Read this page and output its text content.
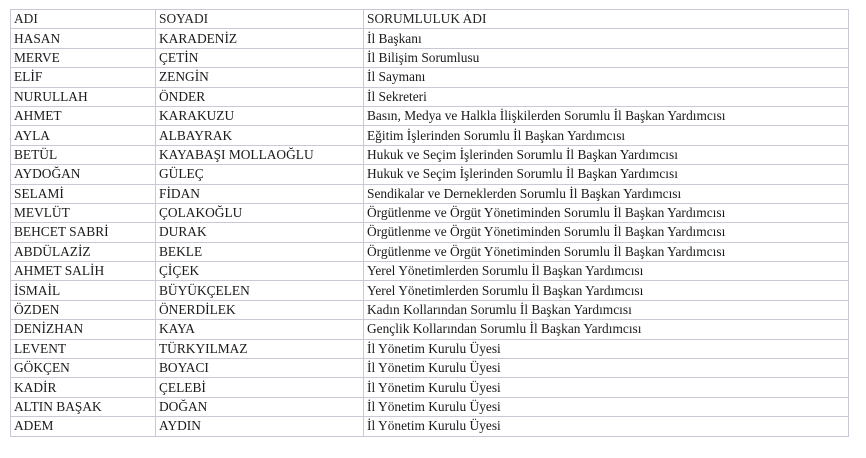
ADI	SOYADI	SORUMLULUK ADI
HASAN	KARADENİZ	İl Başkanı
MERVE	ÇETİN	İl Bilişim Sorumlusu
ELİF	ZENGİN	İl Saymanı
NURULLAH	ÖNDER	İl Sekreteri
AHMET	KARAKUZU	Basın, Medya ve Halkla İlişkilerden Sorumlu İl Başkan Yardımcısı
AYLA	ALBAYRAK	Eğitim İşlerinden Sorumlu İl Başkan Yardımcısı
BETÜL	KAYABAŞI MOLLAOĞLU	Hukuk ve Seçim İşlerinden Sorumlu İl Başkan Yardımcısı
AYDOĞAN	GÜLEÇ	Hukuk ve Seçim İşlerinden Sorumlu İl Başkan Yardımcısı
SELAMİ	FİDAN	Sendikalar ve Derneklerden Sorumlu İl Başkan Yardımcısı
MEVLÜT	ÇOLAKOĞLU	Örgütlenme ve Örgüt Yönetiminden Sorumlu İl Başkan Yardımcısı
BEHCET SABRİ	DURAK	Örgütlenme ve Örgüt Yönetiminden Sorumlu İl Başkan Yardımcısı
ABDÜLAZİZ	BEKLE	Örgütlenme ve Örgüt Yönetiminden Sorumlu İl Başkan Yardımcısı
AHMET SALİH	ÇİÇEK	Yerel Yönetimlerden Sorumlu İl Başkan Yardımcısı
İSMAİL	BÜYÜKÇELEN	Yerel Yönetimlerden Sorumlu İl Başkan Yardımcısı
ÖZDEN	ÖNERDİLEK	Kadın Kollarından Sorumlu İl Başkan Yardımcısı
DENİZHAN	KAYA	Gençlik Kollarından Sorumlu İl Başkan Yardımcısı
LEVENT	TÜRKYILMAZ	İl Yönetim Kurulu Üyesi
GÖKÇEN	BOYACI	İl Yönetim Kurulu Üyesi
KADİR	ÇELEBİ	İl Yönetim Kurulu Üyesi
ALTIN BAŞAK	DOĞAN	İl Yönetim Kurulu Üyesi
ADEM	AYDIN	İl Yönetim Kurulu Üyesi
